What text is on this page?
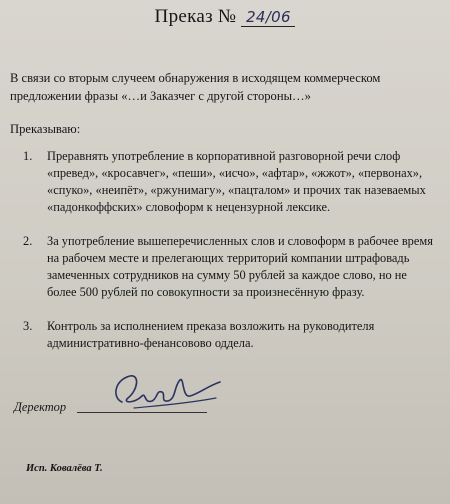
Преказ № 24/06
В связи со вторым случеем обнаружения в исходящем коммерческом предложении фразы «…и Заказчег с другой стороны…»
Преказываю:
1.	Преравнять употребление в корпоративной разговорной речи слоф «превед», «кросавчег», «пеши», «исчо», «афтар», «жжот», «первонах», «спуко», «неипёт», «ржунимагу», «пацталом» и прочих так назеваемых «падонкоффских» словоформ к нецензурной лексике.
2.	За употребление вышеперечисленных слов и словоформ в рабочее время на рабочем месте и прелегающих территорий компании штрафовадь замеченных сотрудников на сумму 50 рублей за каждое слово, но не более 500 рублей по совокупности за произнесённую фразу.
3.	Контроль за исполнением преказа возложить на руководителя административно-фенансовово оддела.
Деректор
Исп. Ковалёва Т.
